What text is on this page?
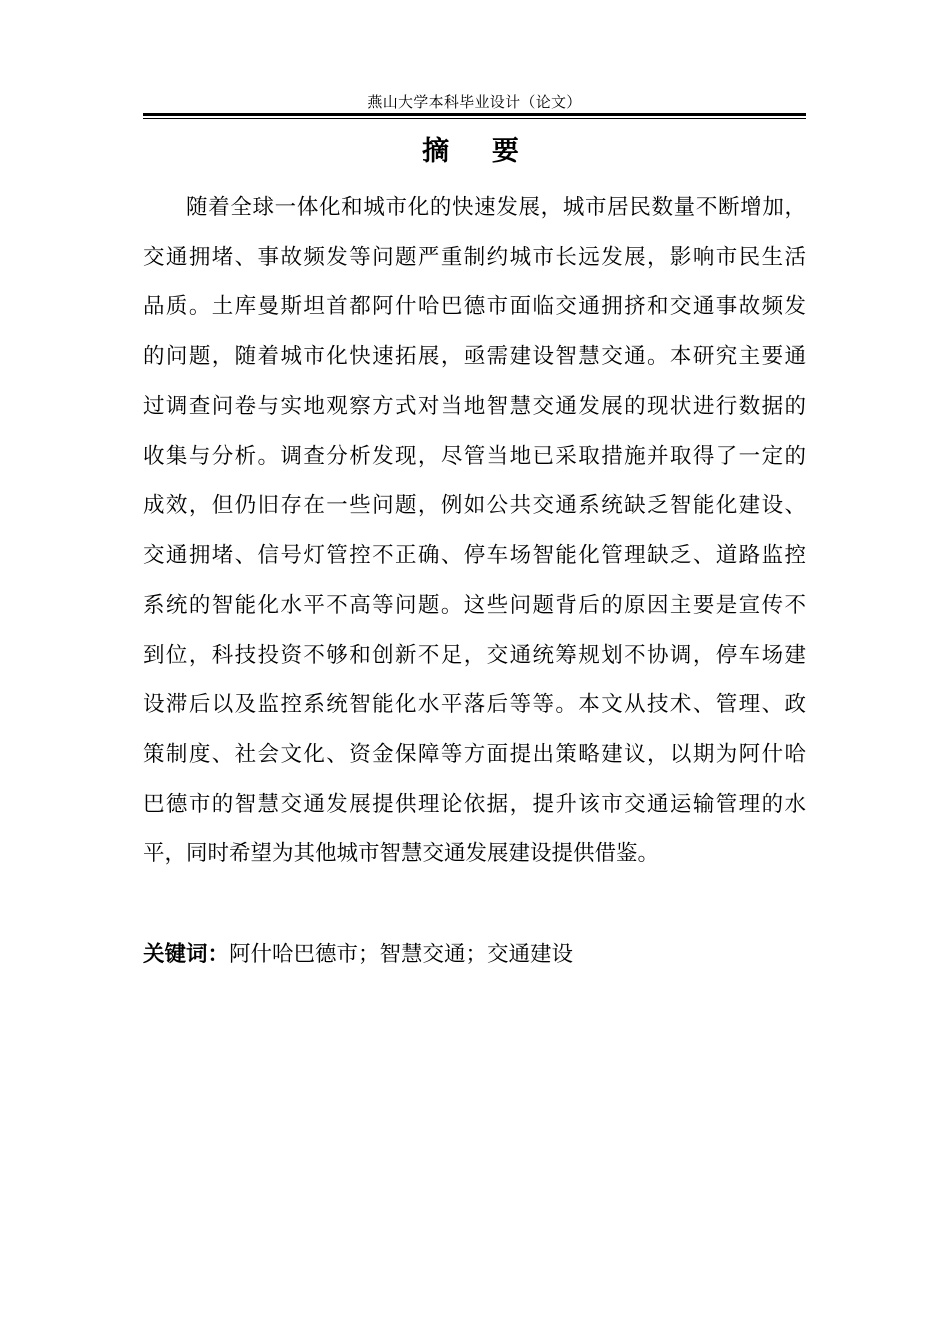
燕山大学本科毕业设计（论文）
摘  要
随着全球一体化和城市化的快速发展，城市居民数量不断增加，
交通拥堵、事故频发等问题严重制约城市长远发展，影响市民生活
品质。土库曼斯坦首都阿什哈巴德市面临交通拥挤和交通事故频发
的问题，随着城市化快速拓展，亟需建设智慧交通。本研究主要通
过调查问卷与实地观察方式对当地智慧交通发展的现状进行数据的
收集与分析。调查分析发现，尽管当地已采取措施并取得了一定的
成效，但仍旧存在一些问题，例如公共交通系统缺乏智能化建设、
交通拥堵、信号灯管控不正确、停车场智能化管理缺乏、道路监控
系统的智能化水平不高等问题。这些问题背后的原因主要是宣传不
到位，科技投资不够和创新不足，交通统筹规划不协调，停车场建
设滞后以及监控系统智能化水平落后等等。本文从技术、管理、政
策制度、社会文化、资金保障等方面提出策略建议，以期为阿什哈
巴德市的智慧交通发展提供理论依据，提升该市交通运输管理的水
平，同时希望为其他城市智慧交通发展建设提供借鉴。
关键词：阿什哈巴德市；智慧交通；交通建设
